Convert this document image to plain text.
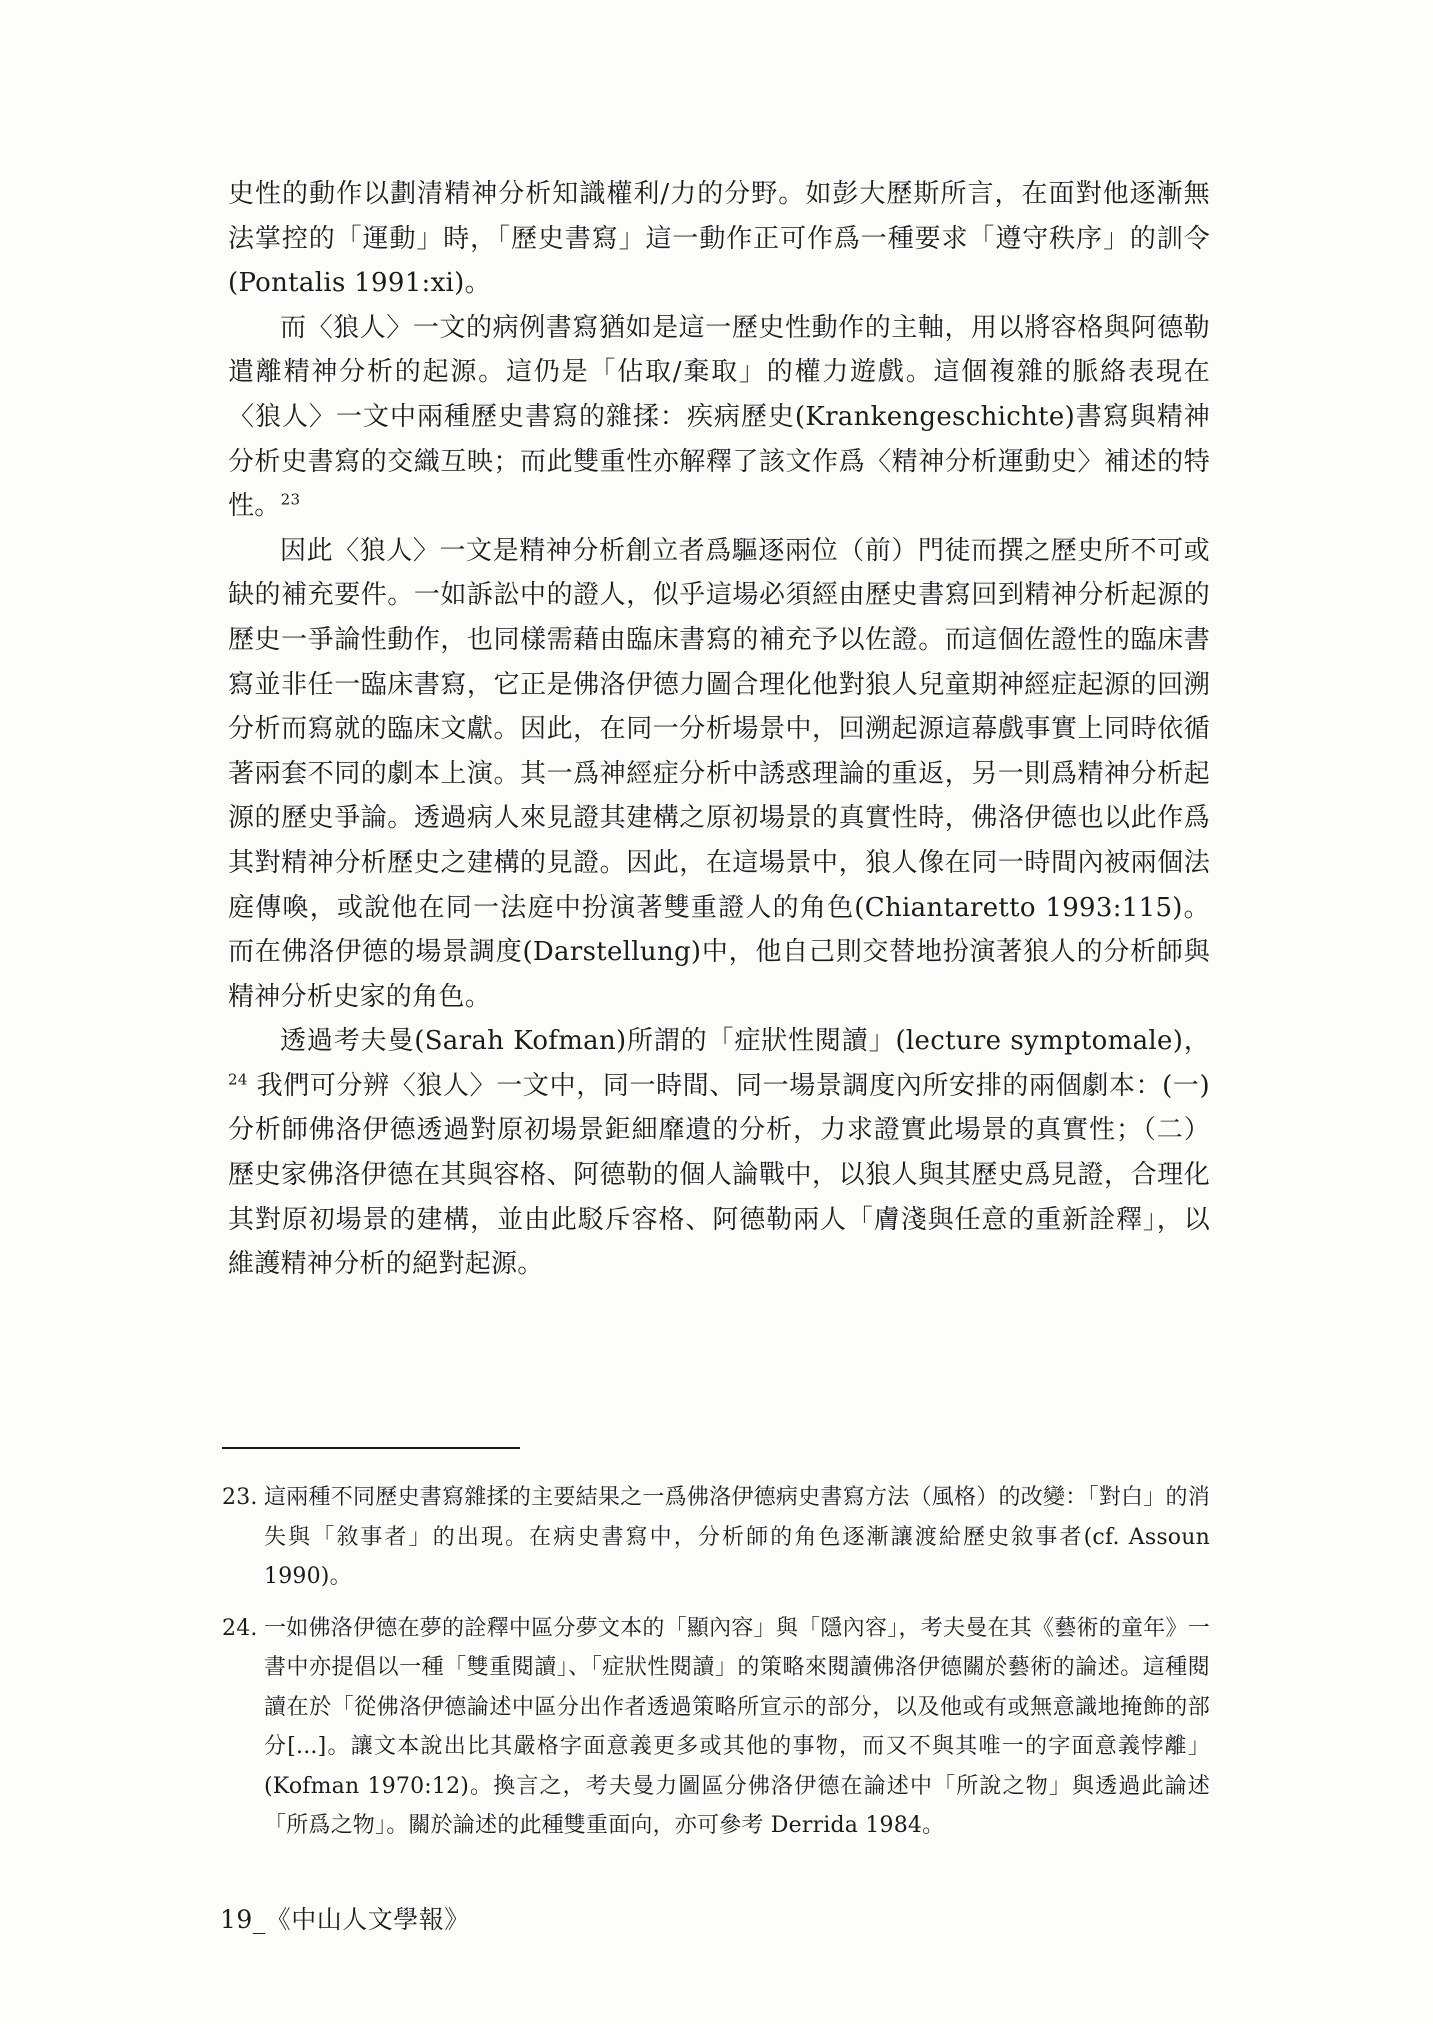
史性的動作以劃清精神分析知識權利/力的分野。如彭大歷斯所言，在面對他逐漸無法掌控的「運動」時，「歷史書寫」這一動作正可作爲一種要求「遵守秩序」的訓令(Pontalis 1991:xi)。

而〈狼人〉一文的病例書寫猶如是這一歷史性動作的主軸，用以將容格與阿德勒遣離精神分析的起源。這仍是「佔取/棄取」的權力遊戲。這個複雜的脈絡表現在〈狼人〉一文中兩種歷史書寫的雜揉：疾病歷史(Krankengeschichte)書寫與精神分析史書寫的交織互映；而此雙重性亦解釋了該文作爲〈精神分析運動史〉補述的特性。$^{23}$

因此〈狼人〉一文是精神分析創立者爲驅逐兩位（前）門徒而撰之歷史所不可或缺的補充要件。一如訴訟中的證人，似乎這場必須經由歷史書寫回到精神分析起源的歷史一爭論性動作，也同樣需藉由臨床書寫的補充予以佐證。而這個佐證性的臨床書寫並非任一臨床書寫，它正是佛洛伊德力圖合理化他對狼人兒童期神經症起源的回溯分析而寫就的臨床文獻。因此，在同一分析場景中，回溯起源這幕戲事實上同時依循著兩套不同的劇本上演。其一爲神經症分析中誘惑理論的重返，另一則爲精神分析起源的歷史爭論。透過病人來見證其建構之原初場景的真實性時，佛洛伊德也以此作爲其對精神分析歷史之建構的見證。因此，在這場景中，狼人像在同一時間內被兩個法庭傳喚，或說他在同一法庭中扮演著雙重證人的角色(Chiantaretto 1993:115)。而在佛洛伊德的場景調度(Darstellung)中，他自己則交替地扮演著狼人的分析師與精神分析史家的角色。

透過考夫曼(Sarah Kofman)所謂的「症狀性閱讀」(lecture symptomale)，$^{24}$ 我們可分辨〈狼人〉一文中，同一時間、同一場景調度內所安排的兩個劇本：(一)分析師佛洛伊德透過對原初場景鉅細靡遺的分析，力求證實此場景的真實性；（二）歷史家佛洛伊德在其與容格、阿德勒的個人論戰中，以狼人與其歷史爲見證，合理化其對原初場景的建構，並由此駁斥容格、阿德勒兩人「膚淺與任意的重新詮釋」，以維護精神分析的絕對起源。

23. 這兩種不同歷史書寫雜揉的主要結果之一爲佛洛伊德病史書寫方法（風格）的改變：「對白」的消失與「敘事者」的出現。在病史書寫中，分析師的角色逐漸讓渡給歷史敘事者(cf. Assoun 1990)。
24. 一如佛洛伊德在夢的詮釋中區分夢文本的「顯內容」與「隱內容」，考夫曼在其《藝術的童年》一書中亦提倡以一種「雙重閱讀」、「症狀性閱讀」的策略來閱讀佛洛伊德關於藝術的論述。這種閱讀在於「從佛洛伊德論述中區分出作者透過策略所宣示的部分，以及他或有或無意識地掩飾的部分[...]。讓文本說出比其嚴格字面意義更多或其他的事物，而又不與其唯一的字面意義悖離」(Kofman 1970:12)。換言之，考夫曼力圖區分佛洛伊德在論述中「所說之物」與透過此論述「所爲之物」。關於論述的此種雙重面向，亦可參考 Derrida 1984。
19_《中山人文學報》
